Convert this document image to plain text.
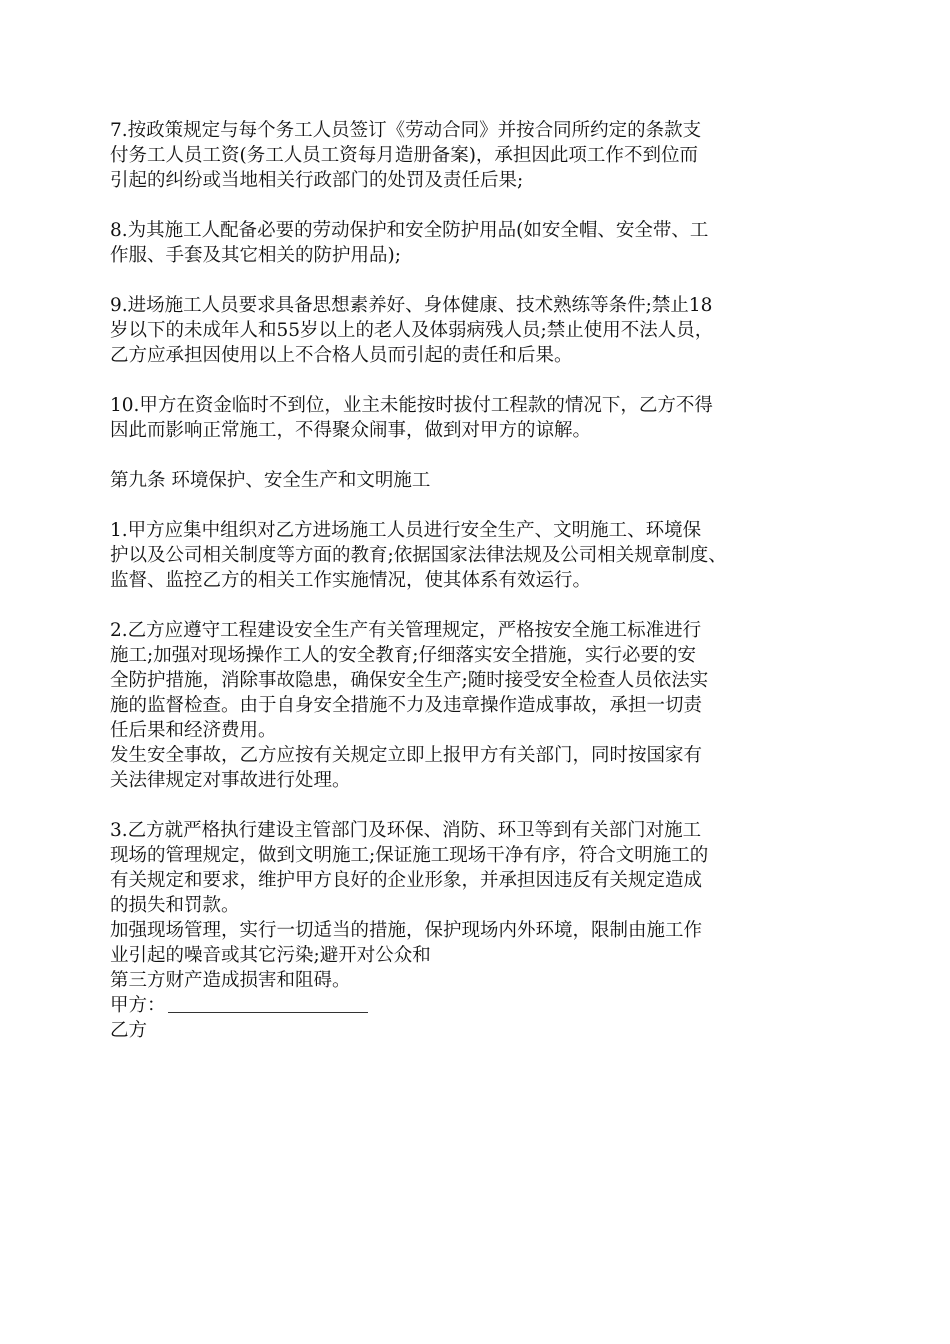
7.按政策规定与每个务工人员签订《劳动合同》并按合同所约定的条款支
付务工人员工资(务工人员工资每月造册备案)，承担因此项工作不到位而
引起的纠纷或当地相关行政部门的处罚及责任后果;
8.为其施工人配备必要的劳动保护和安全防护用品(如安全帽、安全带、工
作服、手套及其它相关的防护用品);
9.进场施工人员要求具备思想素养好、身体健康、技术熟练等条件;禁止18
岁以下的未成年人和55岁以上的老人及体弱病残人员;禁止使用不法人员，
乙方应承担因使用以上不合格人员而引起的责任和后果。
10.甲方在资金临时不到位，业主未能按时拔付工程款的情况下，乙方不得
因此而影响正常施工，不得聚众闹事，做到对甲方的谅解。
第九条 环境保护、安全生产和文明施工
1.甲方应集中组织对乙方进场施工人员进行安全生产、文明施工、环境保
护以及公司相关制度等方面的教育;依据国家法律法规及公司相关规章制度、
监督、监控乙方的相关工作实施情况，使其体系有效运行。
2.乙方应遵守工程建设安全生产有关管理规定，严格按安全施工标准进行
施工;加强对现场操作工人的安全教育;仔细落实安全措施，实行必要的安
全防护措施，消除事故隐患，确保安全生产;随时接受安全检查人员依法实
施的监督检查。由于自身安全措施不力及违章操作造成事故，承担一切责
任后果和经济费用。
发生安全事故，乙方应按有关规定立即上报甲方有关部门，同时按国家有
关法律规定对事故进行处理。
3.乙方就严格执行建设主管部门及环保、消防、环卫等到有关部门对施工
现场的管理规定，做到文明施工;保证施工现场干净有序，符合文明施工的
有关规定和要求，维护甲方良好的企业形象，并承担因违反有关规定造成
的损失和罚款。
加强现场管理，实行一切适当的措施，保护现场内外环境，限制由施工作
业引起的噪音或其它污染;避开对公众和
第三方财产造成损害和阻碍。
甲方：
乙方
